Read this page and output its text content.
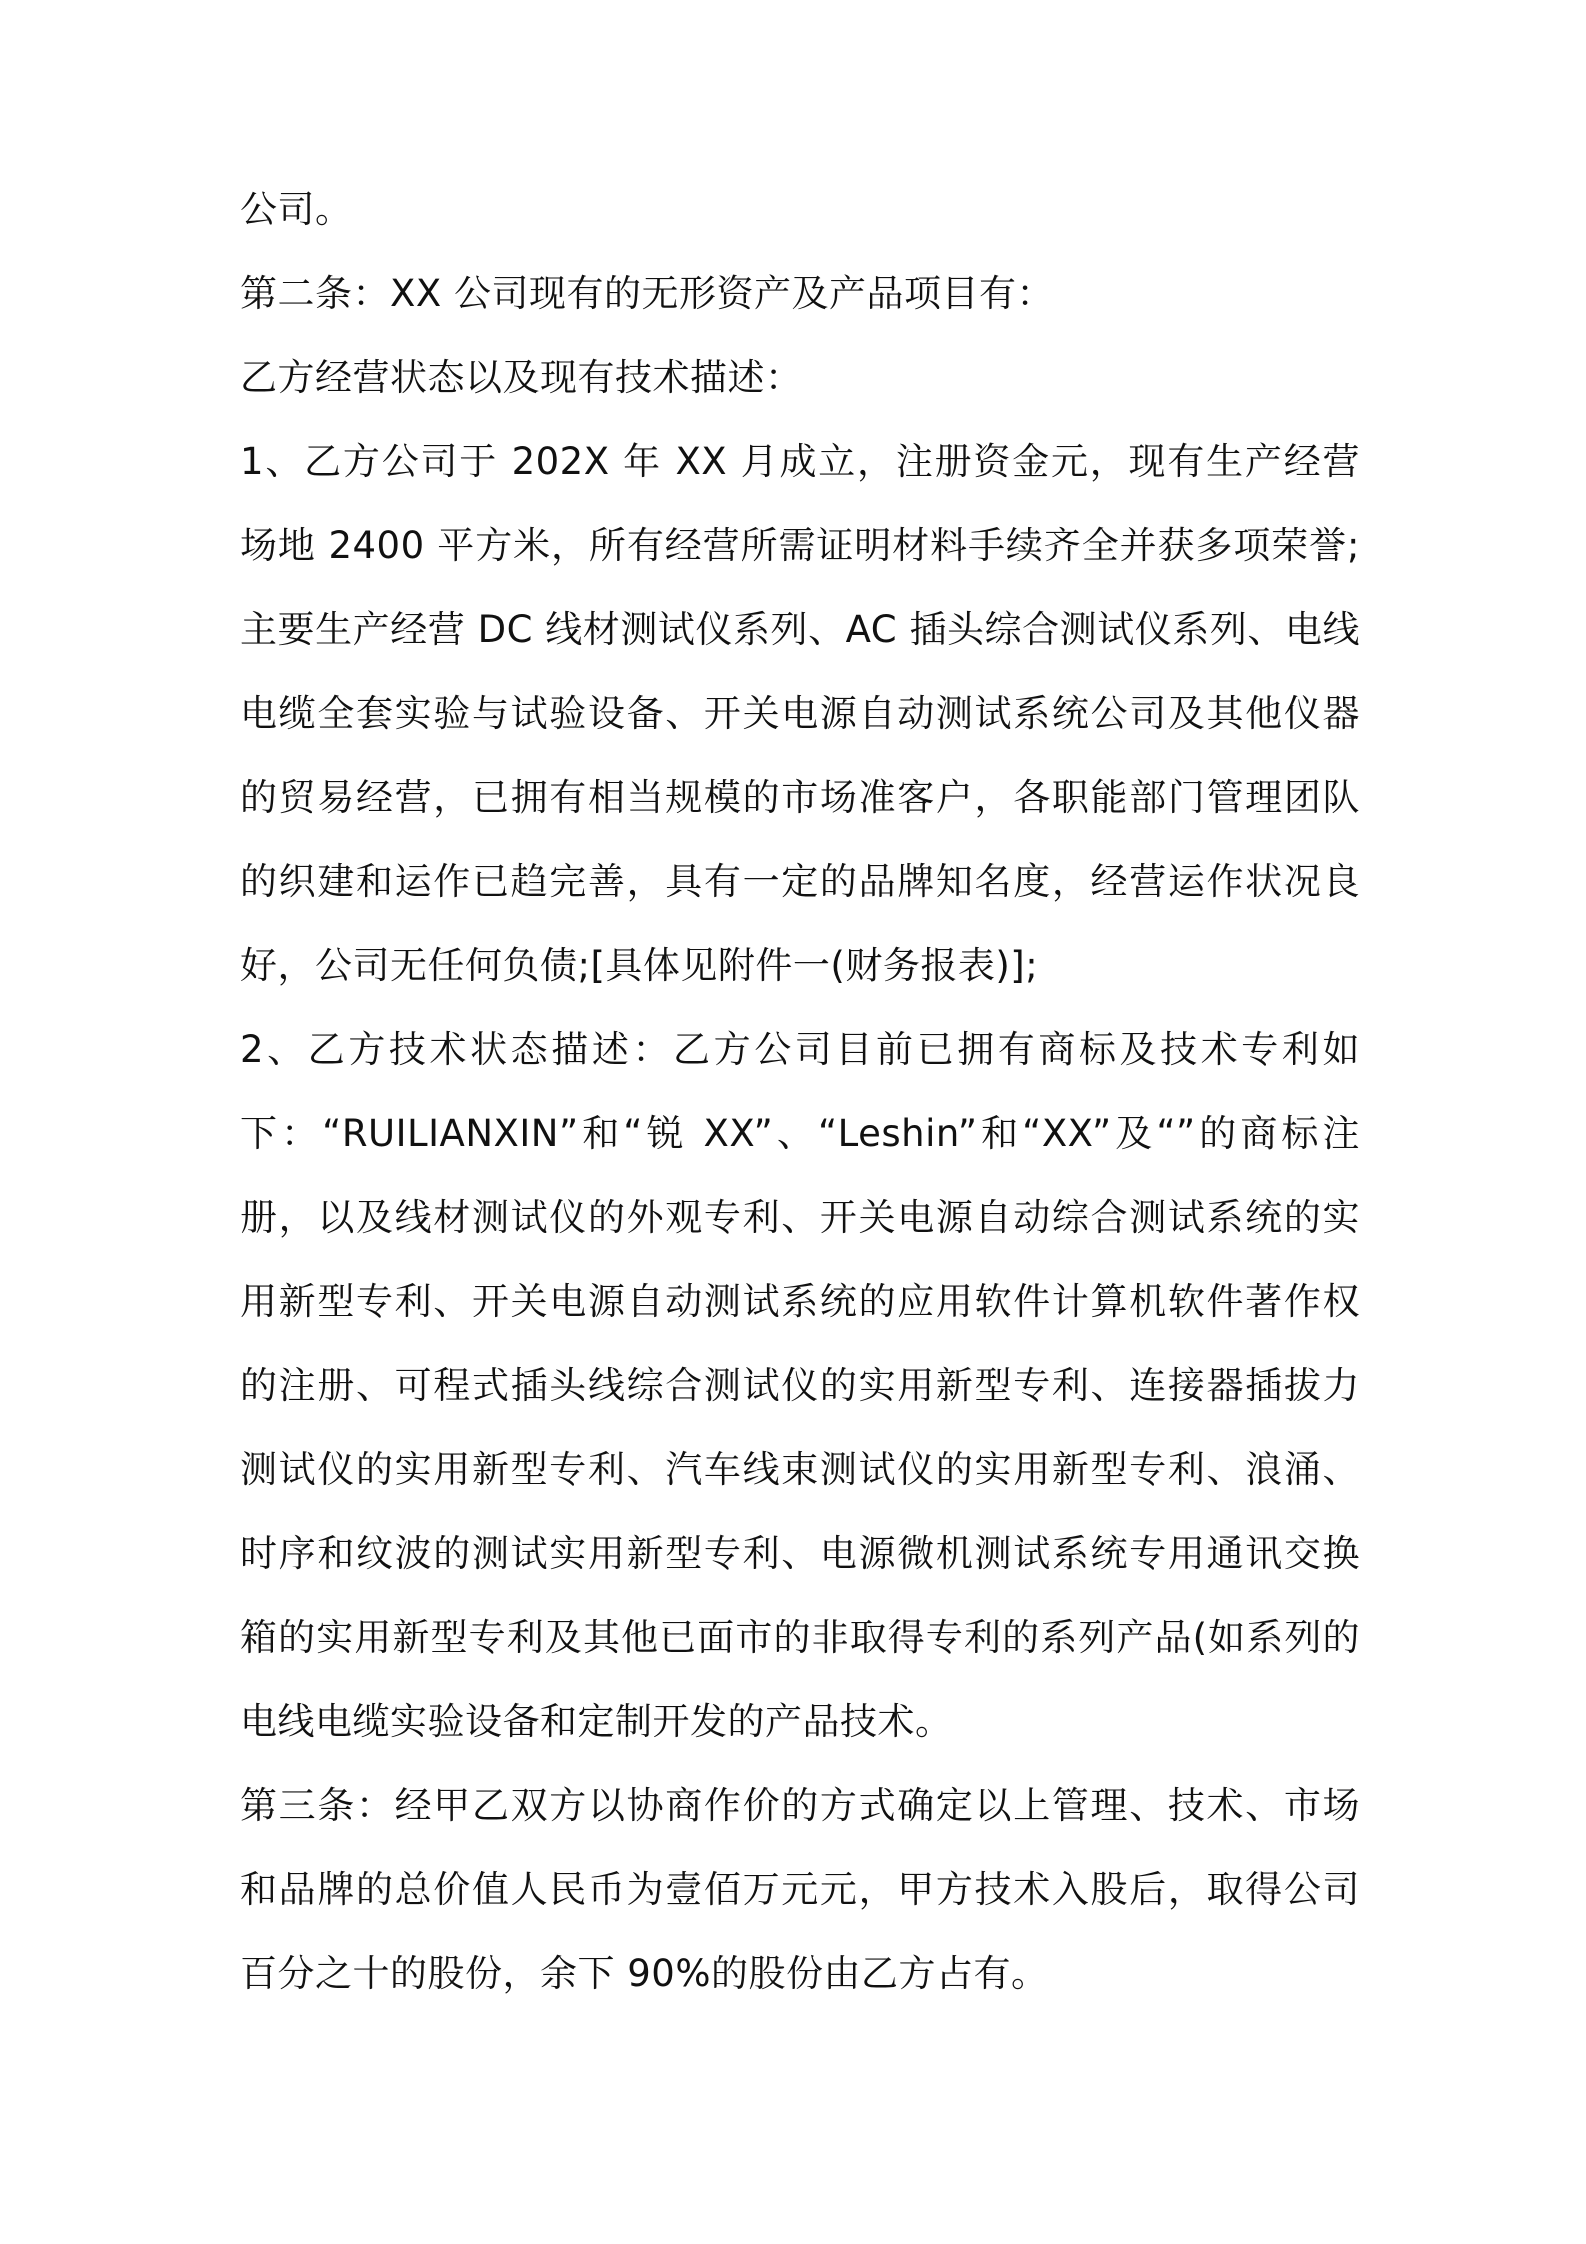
公司。

第二条：XX 公司现有的无形资产及产品项目有：

乙方经营状态以及现有技术描述：

1、乙方公司于 202X 年 XX 月成立，注册资金元，现有生产经营场地 2400 平方米，所有经营所需证明材料手续齐全并获多项荣誉;主要生产经营 DC 线材测试仪系列、AC 插头综合测试仪系列、电线电缆全套实验与试验设备、开关电源自动测试系统公司及其他仪器的贸易经营，已拥有相当规模的市场准客户，各职能部门管理团队的织建和运作已趋完善，具有一定的品牌知名度，经营运作状况良好，公司无任何负债;[具体见附件一(财务报表)];

2、乙方技术状态描述：乙方公司目前已拥有商标及技术专利如下：“RUILIANXIN”和“锐 XX”、“Leshin”和“XX”及“”的商标注册，以及线材测试仪的外观专利、开关电源自动综合测试系统的实用新型专利、开关电源自动测试系统的应用软件计算机软件著作权的注册、可程式插头线综合测试仪的实用新型专利、连接器插拔力测试仪的实用新型专利、汽车线束测试仪的实用新型专利、浪涌、时序和纹波的测试实用新型专利、电源微机测试系统专用通讯交换箱的实用新型专利及其他已面市的非取得专利的系列产品(如系列的电线电缆实验设备和定制开发的产品技术。

第三条：经甲乙双方以协商作价的方式确定以上管理、技术、市场和品牌的总价值人民币为壹佰万元元，甲方技术入股后，取得公司百分之十的股份，余下 90%的股份由乙方占有。
